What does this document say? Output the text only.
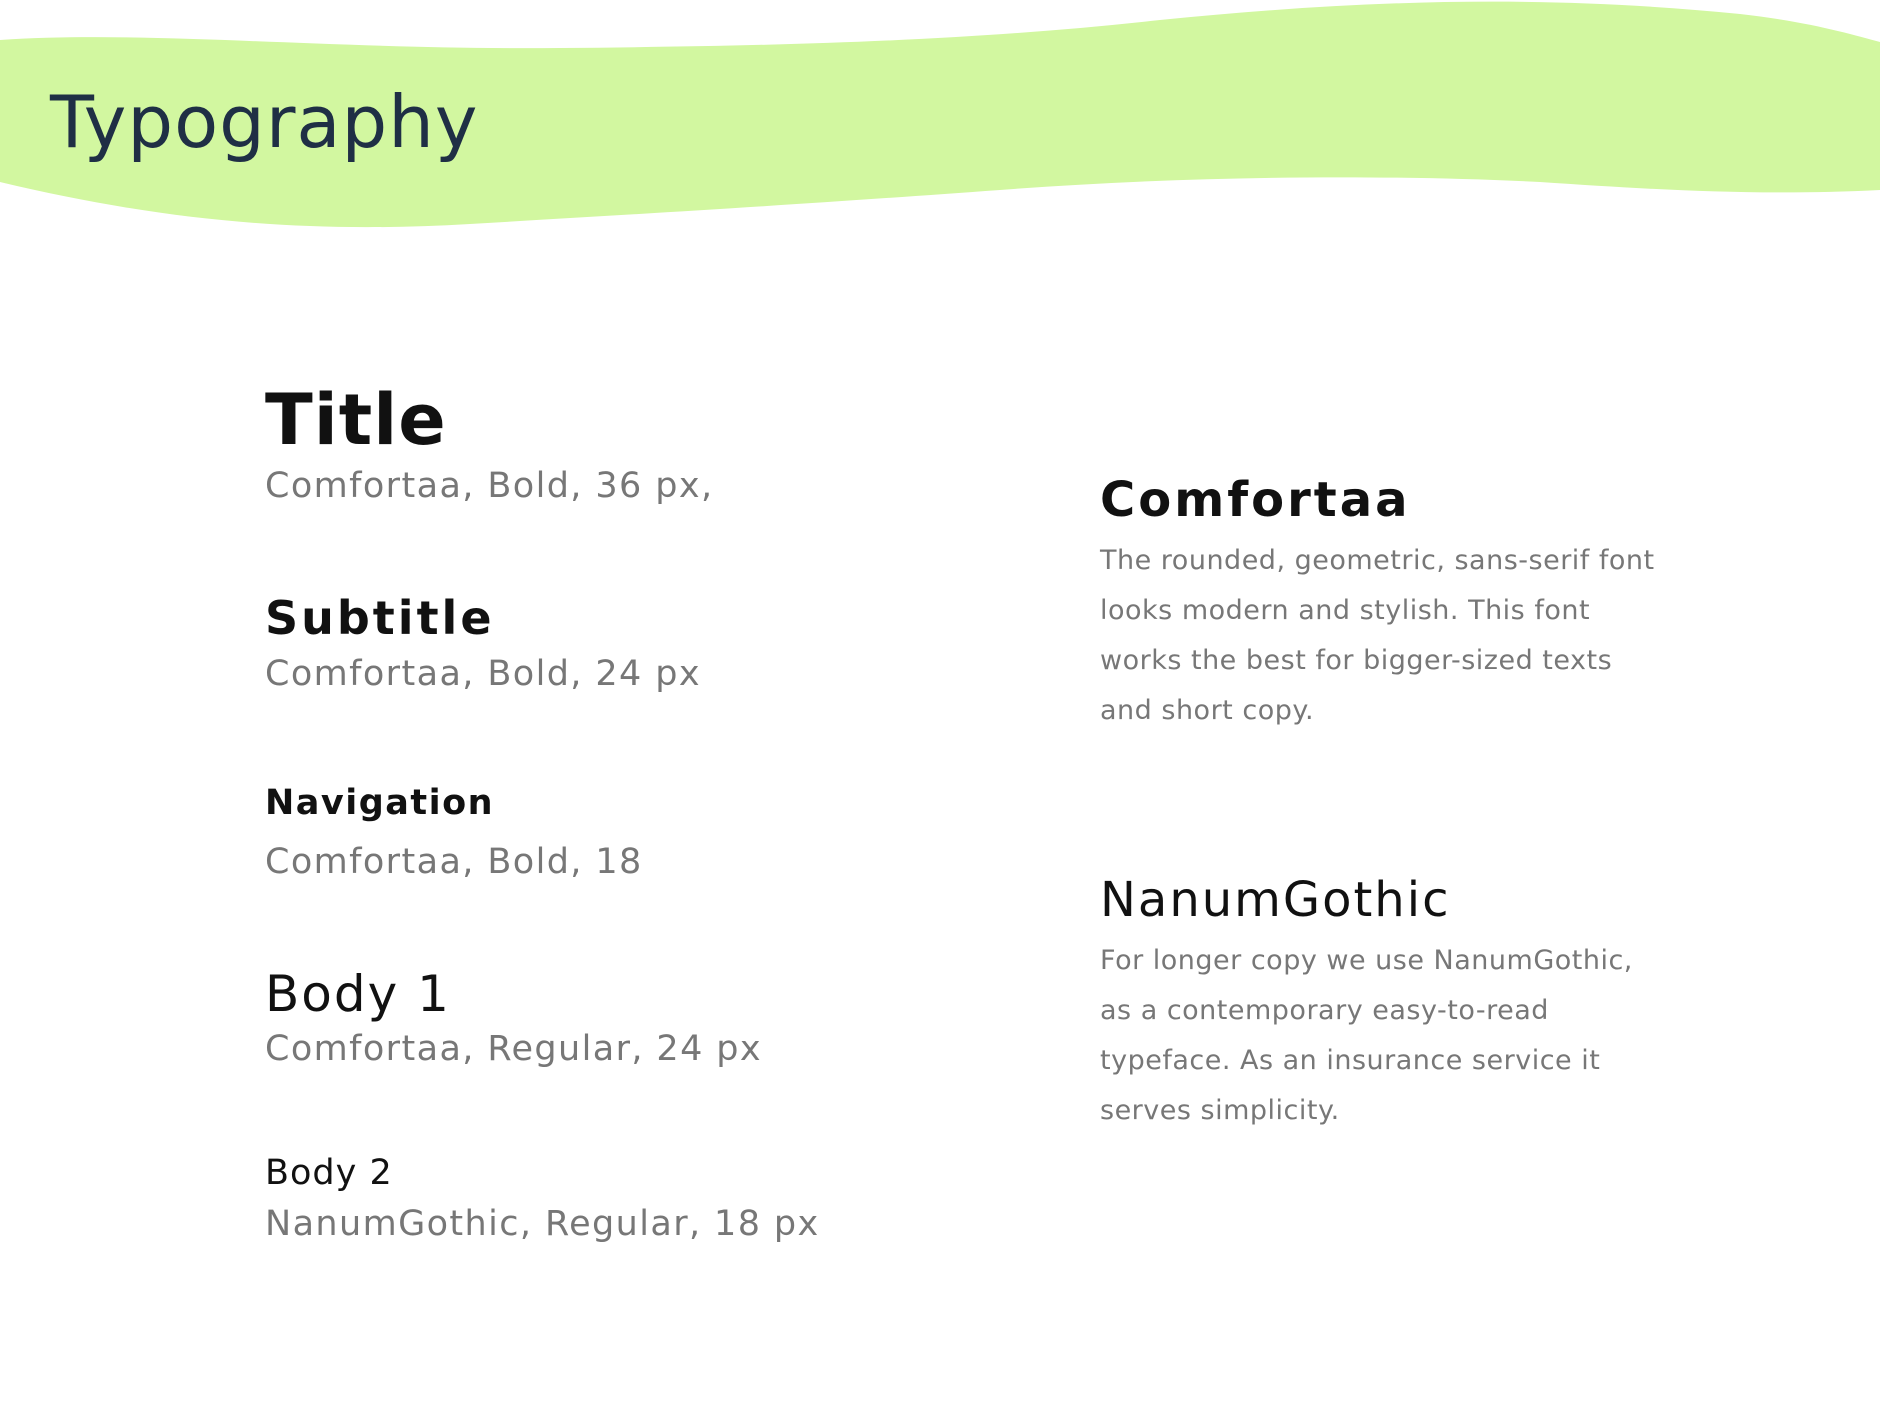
Typography
Title
Comfortaa, Bold, 36 px,
Subtitle
Comfortaa, Bold, 24 px
Navigation
Comfortaa, Bold, 18
Body 1
Comfortaa, Regular, 24 px
Body 2
NanumGothic, Regular, 18 px
Comfortaa
The rounded, geometric, sans-serif font looks modern and stylish. This font works the best for bigger-sized texts and short copy.
NanumGothic
For longer copy we use NanumGothic, as a contemporary easy-to-read typeface. As an insurance service it serves simplicity.
